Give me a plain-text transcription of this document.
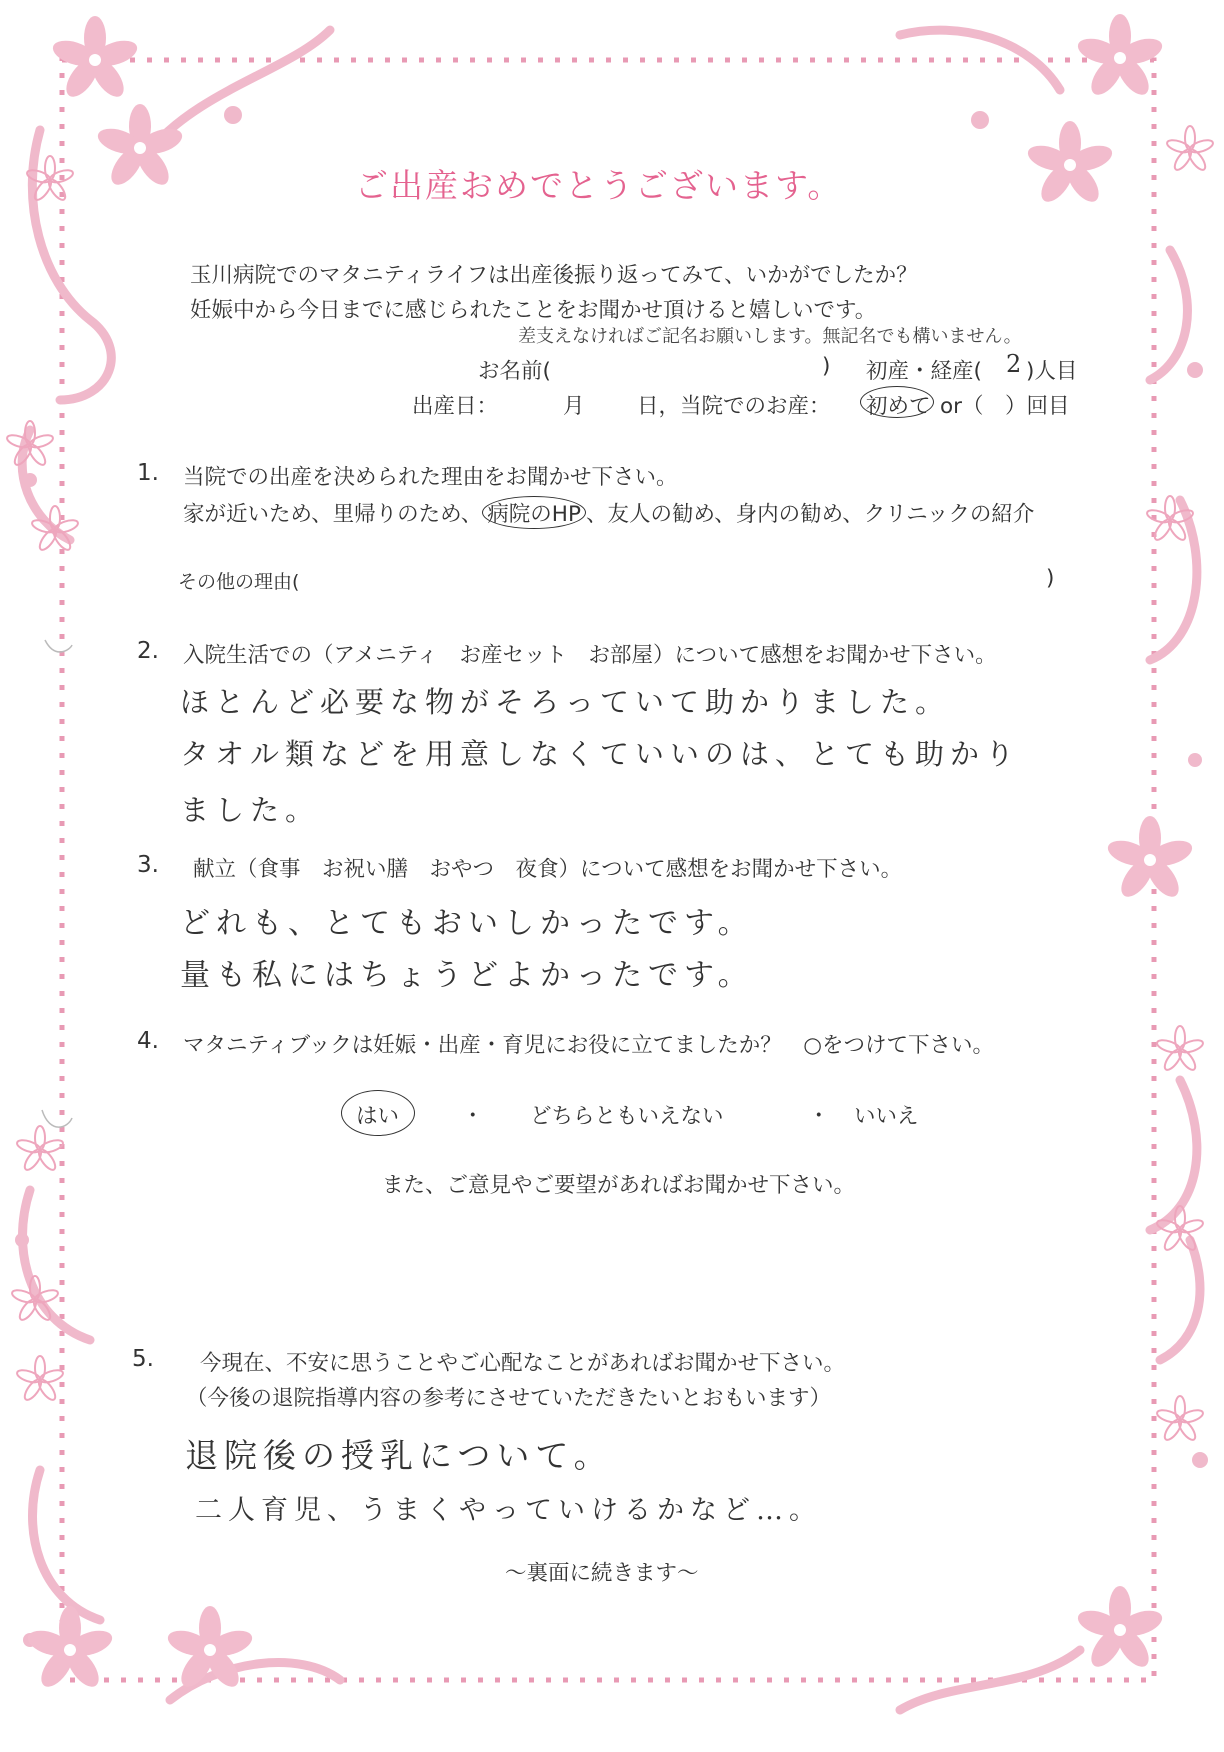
ご出産おめでとうございます。
玉川病院でのマタニティライフは出産後振り返ってみて、いかがでしたか？
妊娠中から今日までに感じられたことをお聞かせ頂けると嬉しいです。
差支えなければご記名お願いします。無記名でも構いません。
お名前(	) 初産・経産( 2
)人目
出産日：	月 日，当院でのお産： 初めて or（　）回目
1. 当院での出産を決められた理由をお聞かせ下さい。
家が近いため、里帰りのため、 病院のHP 、友人の勧め、身内の勧め、クリニックの紹介
その他の理由(	)
2. 入院生活での（アメニティ　お産セット　お部屋）について感想をお聞かせ下さい。
ほとんど必要な物がそろっていて助かりました。
タオル類などを用意しなくていいのは、とても助かり
ました。
3. 献立（食事　お祝い膳　おやつ　夜食）について感想をお聞かせ下さい。
どれも、とてもおいしかったです。
量も私にはちょうどよかったです。
4. マタニティブックは妊娠・出産・育児にお役に立てましたか？　○をつけて下さい。
はい	・ どちらともいえない	・ いいえ
また、ご意見やご要望があればお聞かせ下さい。
5. 今現在、不安に思うことやご心配なことがあればお聞かせ下さい。
（今後の退院指導内容の参考にさせていただきたいとおもいます）
退院後の授乳について。
二人育児、うまくやっていけるかなど…。
〜裏面に続きます〜
